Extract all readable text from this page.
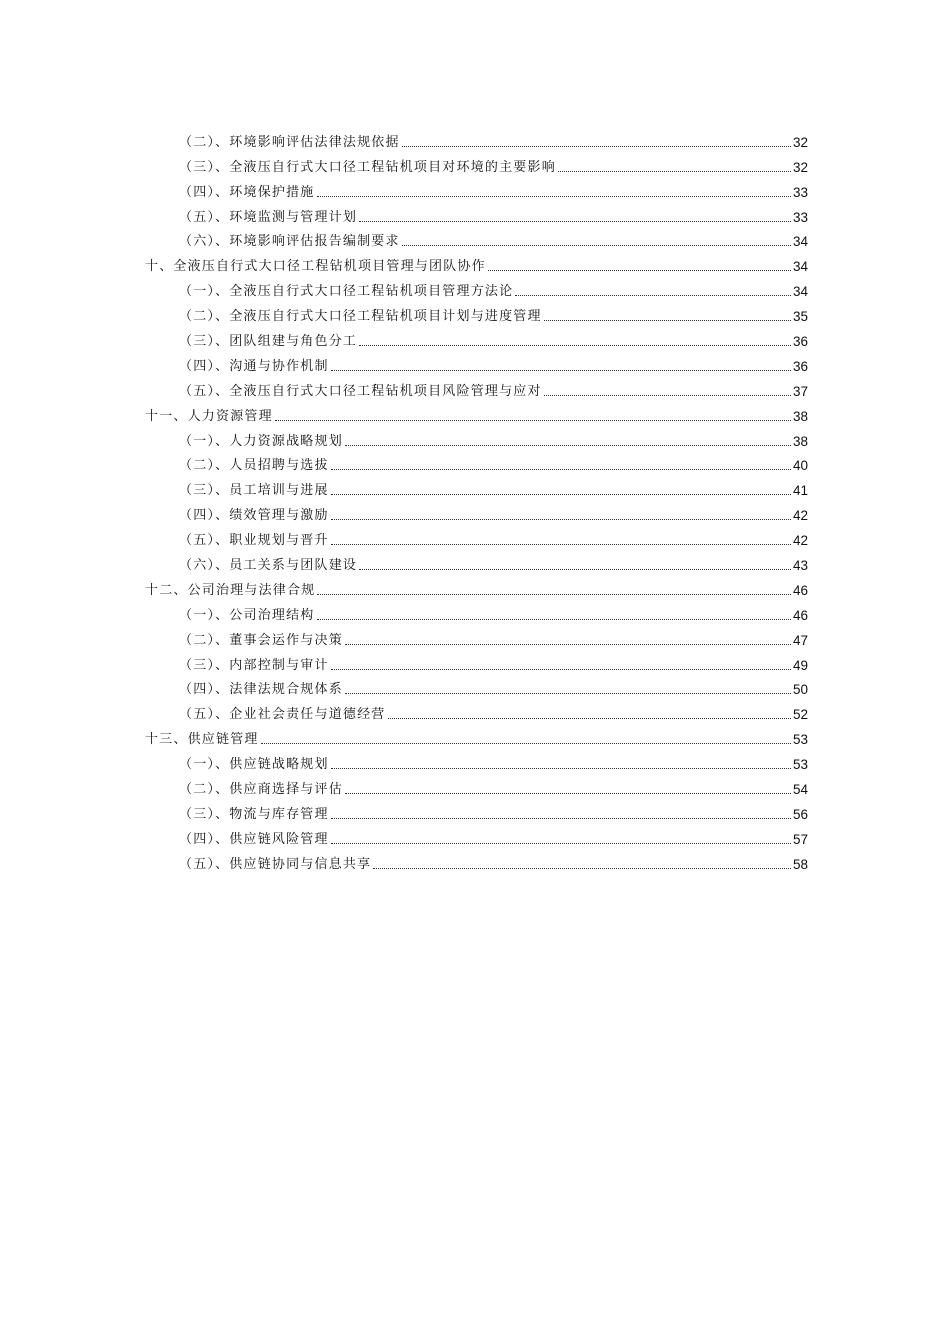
（二）、环境影响评估法律法规依据	32
（三）、全液压自行式大口径工程钻机项目对环境的主要影响	32
（四）、环境保护措施	33
（五）、环境监测与管理计划	33
（六）、环境影响评估报告编制要求	34
十、全液压自行式大口径工程钻机项目管理与团队协作	34
（一）、全液压自行式大口径工程钻机项目管理方法论	34
（二）、全液压自行式大口径工程钻机项目计划与进度管理	35
（三）、团队组建与角色分工	36
（四）、沟通与协作机制	36
（五）、全液压自行式大口径工程钻机项目风险管理与应对	37
十一、人力资源管理	38
（一）、人力资源战略规划	38
（二）、人员招聘与选拔	40
（三）、员工培训与进展	41
（四）、绩效管理与激励	42
（五）、职业规划与晋升	42
（六）、员工关系与团队建设	43
十二、公司治理与法律合规	46
（一）、公司治理结构	46
（二）、董事会运作与决策	47
（三）、内部控制与审计	49
（四）、法律法规合规体系	50
（五）、企业社会责任与道德经营	52
十三、供应链管理	53
（一）、供应链战略规划	53
（二）、供应商选择与评估	54
（三）、物流与库存管理	56
（四）、供应链风险管理	57
（五）、供应链协同与信息共享	58
